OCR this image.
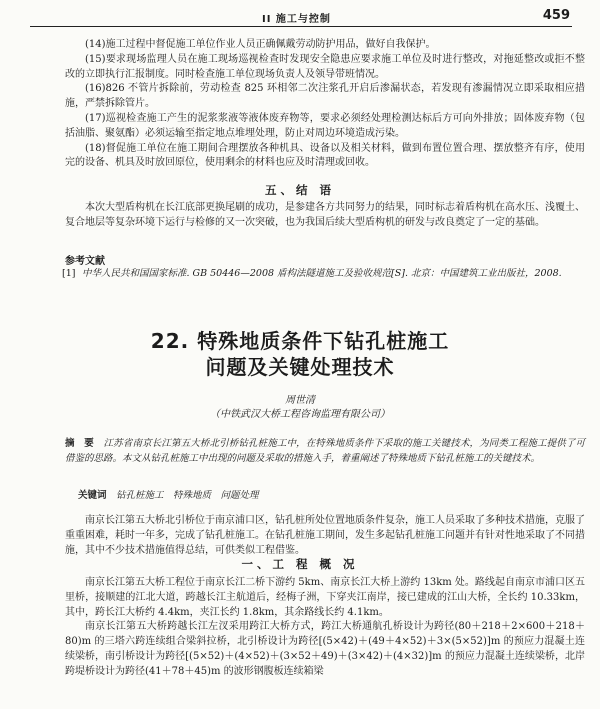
II 施工与控制	459

(14)施工过程中督促施工单位作业人员正确佩戴劳动防护用品，做好自我保护。

(15)要求现场监理人员在施工现场巡视检查时发现安全隐患应要求施工单位及时进行整改，对拖延整改或拒不整改的立即执行汇报制度。同时检查施工单位现场负责人及领导带班情况。

(16)826 不管片拆除前，劳动检查 825 环相邻二次注浆孔开启后渗漏状态，若发现有渗漏情况立即采取相应措施，严禁拆除管片。

(17)巡视检查施工产生的泥浆浆液等液体废弃物等，要求必须经处理检测达标后方可向外排放；固体废弃物（包括油脂、聚氨酯）必须运输至指定地点堆埋处理，防止对周边环境造成污染。

(18)督促施工单位在施工期间合理摆放各种机具、设备以及相关材料，做到布置位置合理、摆放整齐有序，使用完的设备、机具及时放回原位，使用剩余的材料也应及时清理或回收。

五、结 语

本次大型盾构机在长江底部更换尾刷的成功，是参建各方共同努力的结果，同时标志着盾构机在高水压、浅覆土、复合地层等复杂环境下运行与检修的又一次突破，也为我国后续大型盾构机的研发与改良奠定了一定的基础。

参考文献
[1] 中华人民共和国国家标准. GB 50446—2008 盾构法隧道施工及验收规范[S]. 北京：中国建筑工业出版社，2008.
22. 特殊地质条件下钻孔桩施工
问题及关键处理技术
周世清
（中铁武汉大桥工程咨询监理有限公司）
摘　要　 江苏省南京长江第五大桥北引桥钻孔桩施工中，在特殊地质条件下采取的施工关键技术，为同类工程施工提供了可借鉴的思路。本文从钻孔桩施工中出现的问题及采取的措施入手，着重阐述了特殊地质下钻孔桩施工的关键技术。
关键词　 钻孔桩施工　特殊地质　问题处理

南京长江第五大桥北引桥位于南京浦口区，钻孔桩所处位置地质条件复杂，施工人员采取了多种技术措施，克服了重重困难，耗时一年多，完成了钻孔桩施工。在钻孔桩施工期间，发生多起钻孔桩施工问题并有针对性地采取了不同措施，其中不少技术措施值得总结，可供类似工程借鉴。

一、工 程 概 况

南京长江第五大桥工程位于南京长江二桥下游约 5km、南京长江大桥上游约 13km 处。路线起自南京市浦口区五里桥，接顺建的江北大道，跨越长江主航道后，经梅子洲，下穿夹江南岸，接已建成的江山大桥，全长约 10.33km，其中，跨长江大桥约 4.4km，夹江长约 1.8km，其余路线长约 4.1km。

南京长江第五大桥跨越长江左汊采用跨江大桥方式，跨江大桥通航孔桥设计为跨径(80＋218＋2×600＋218＋80)m 的三塔六跨连续组合梁斜拉桥，北引桥设计为跨径[(5×42)＋(49＋4×52)＋3×(5×52)]m 的预应力混凝土连续梁桥，南引桥设计为跨径[(5×52)＋(4×52)＋(3×52＋49)＋(3×42)＋(4×32)]m 的预应力混凝土连续梁桥，北岸跨堤桥设计为跨径(41＋78＋45)m 的波形钢腹板连续箱梁
